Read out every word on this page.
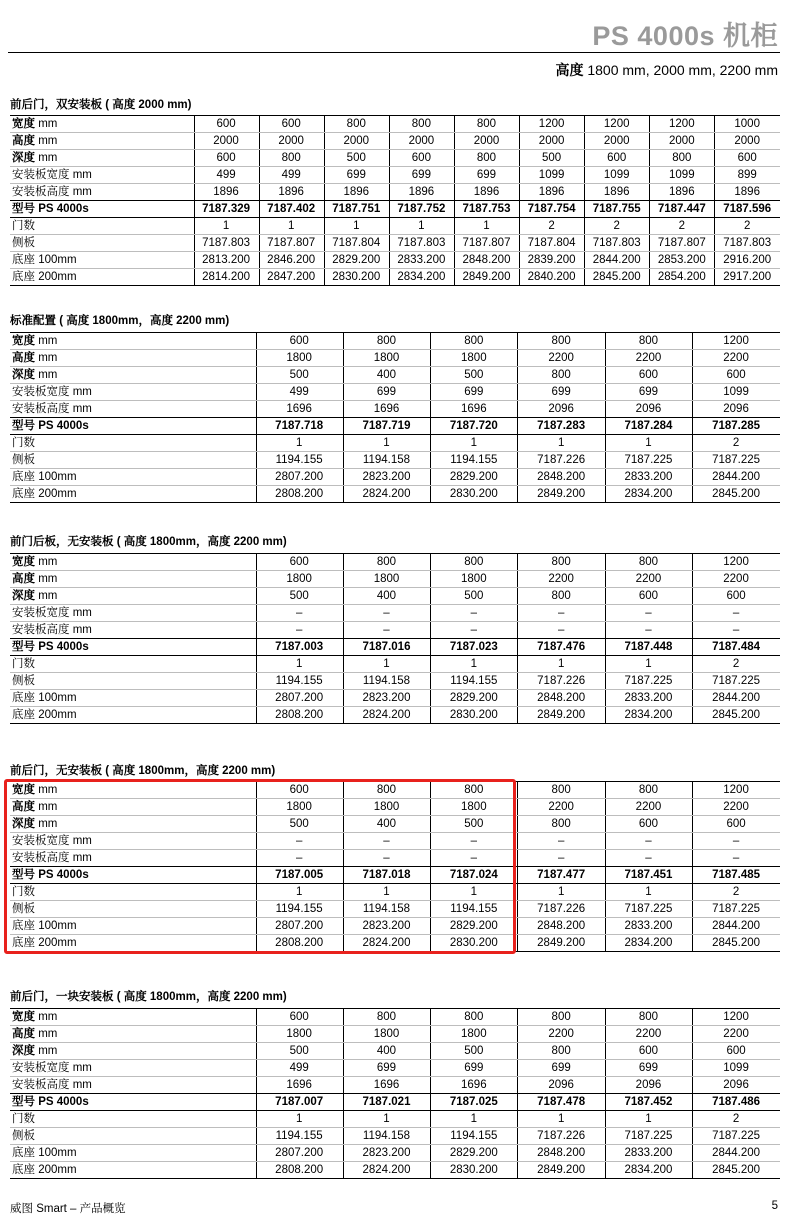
PS 4000s 机柜
高度 1800 mm, 2000 mm, 2200 mm
前后门，双安装板 ( 高度 2000 mm)
宽度 mm	600	600	800	800	800	1200	1200	1200	1000
高度 mm	2000	2000	2000	2000	2000	2000	2000	2000	2000
深度 mm	600	800	500	600	800	500	600	800	600
安装板宽度 mm	499	499	699	699	699	1099	1099	1099	899
安装板高度 mm	1896	1896	1896	1896	1896	1896	1896	1896	1896
型号 PS 4000s	7187.329	7187.402	7187.751	7187.752	7187.753	7187.754	7187.755	7187.447	7187.596
门数	1	1	1	1	1	2	2	2	2
侧板	7187.803	7187.807	7187.804	7187.803	7187.807	7187.804	7187.803	7187.807	7187.803
底座 100mm	2813.200	2846.200	2829.200	2833.200	2848.200	2839.200	2844.200	2853.200	2916.200
底座 200mm	2814.200	2847.200	2830.200	2834.200	2849.200	2840.200	2845.200	2854.200	2917.200
标准配置 ( 高度 1800mm，高度 2200 mm)
宽度 mm	600	800	800	800	800	1200
高度 mm	1800	1800	1800	2200	2200	2200
深度 mm	500	400	500	800	600	600
安装板宽度 mm	499	699	699	699	699	1099
安装板高度 mm	1696	1696	1696	2096	2096	2096
型号 PS 4000s	7187.718	7187.719	7187.720	7187.283	7187.284	7187.285
门数	1	1	1	1	1	2
侧板	1194.155	1194.158	1194.155	7187.226	7187.225	7187.225
底座 100mm	2807.200	2823.200	2829.200	2848.200	2833.200	2844.200
底座 200mm	2808.200	2824.200	2830.200	2849.200	2834.200	2845.200
前门后板，无安装板 ( 高度 1800mm，高度 2200 mm)
宽度 mm	600	800	800	800	800	1200
高度 mm	1800	1800	1800	2200	2200	2200
深度 mm	500	400	500	800	600	600
安装板宽度 mm	–	–	–	–	–	–
安装板高度 mm	–	–	–	–	–	–
型号 PS 4000s	7187.003	7187.016	7187.023	7187.476	7187.448	7187.484
门数	1	1	1	1	1	2
侧板	1194.155	1194.158	1194.155	7187.226	7187.225	7187.225
底座 100mm	2807.200	2823.200	2829.200	2848.200	2833.200	2844.200
底座 200mm	2808.200	2824.200	2830.200	2849.200	2834.200	2845.200
前后门，无安装板 ( 高度 1800mm，高度 2200 mm)
宽度 mm	600	800	800	800	800	1200
高度 mm	1800	1800	1800	2200	2200	2200
深度 mm	500	400	500	800	600	600
安装板宽度 mm	–	–	–	–	–	–
安装板高度 mm	–	–	–	–	–	–
型号 PS 4000s	7187.005	7187.018	7187.024	7187.477	7187.451	7187.485
门数	1	1	1	1	1	2
侧板	1194.155	1194.158	1194.155	7187.226	7187.225	7187.225
底座 100mm	2807.200	2823.200	2829.200	2848.200	2833.200	2844.200
底座 200mm	2808.200	2824.200	2830.200	2849.200	2834.200	2845.200
前后门，一块安装板 ( 高度 1800mm，高度 2200 mm)
宽度 mm	600	800	800	800	800	1200
高度 mm	1800	1800	1800	2200	2200	2200
深度 mm	500	400	500	800	600	600
安装板宽度 mm	499	699	699	699	699	1099
安装板高度 mm	1696	1696	1696	2096	2096	2096
型号 PS 4000s	7187.007	7187.021	7187.025	7187.478	7187.452	7187.486
门数	1	1	1	1	1	2
侧板	1194.155	1194.158	1194.155	7187.226	7187.225	7187.225
底座 100mm	2807.200	2823.200	2829.200	2848.200	2833.200	2844.200
底座 200mm	2808.200	2824.200	2830.200	2849.200	2834.200	2845.200
威图 Smart – 产品概览	5
